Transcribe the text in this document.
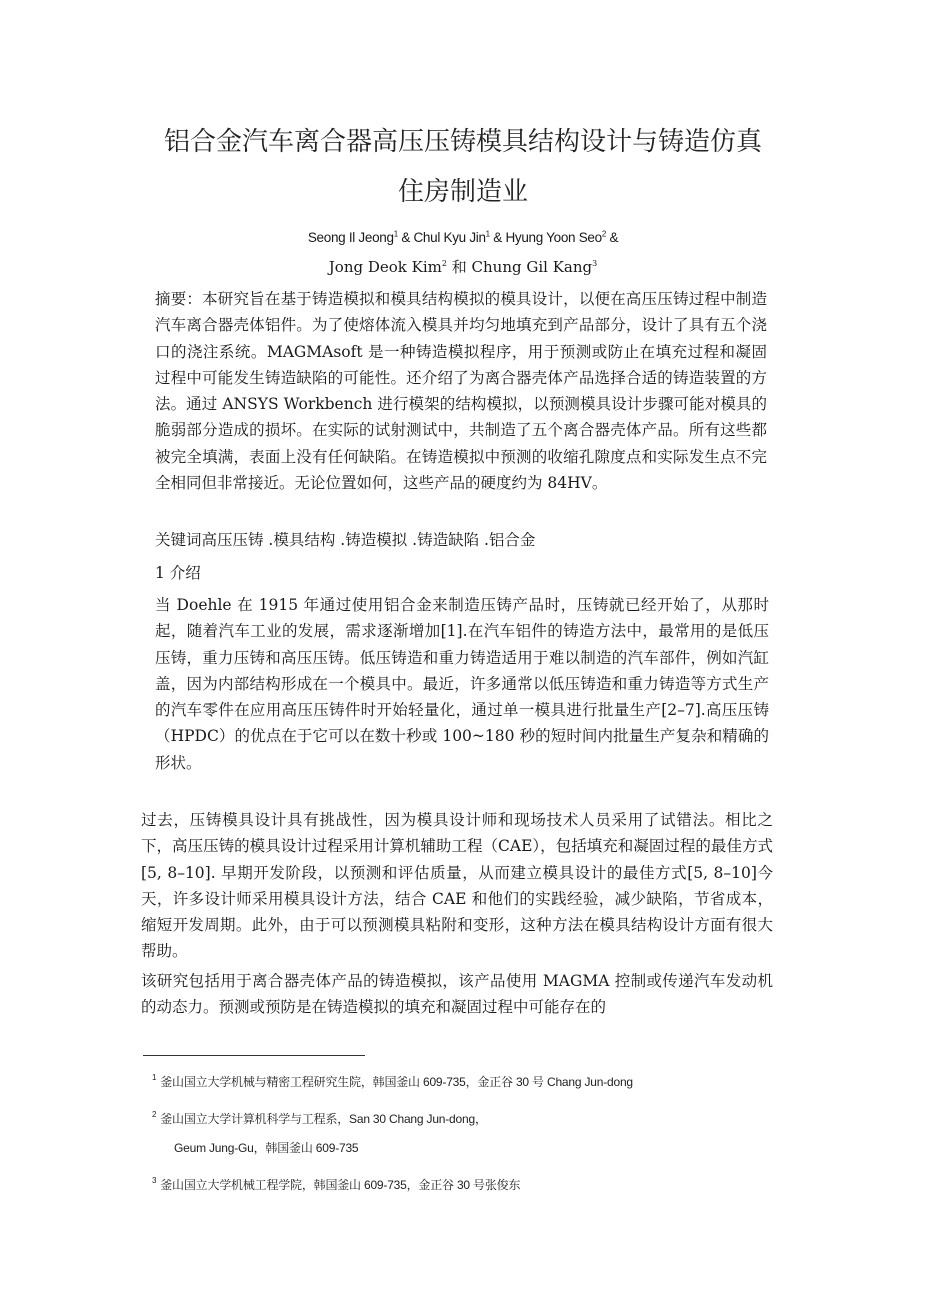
铝合金汽车离合器高压压铸模具结构设计与铸造仿真
住房制造业
Seong Il Jeong$^1$ & Chul Kyu Jin$^1$ & Hyung Yoon Seo$^2$ &
Jong Deok Kim$^2$ 和 Chung Gil Kang$^3$

摘要：本研究旨在基于铸造模拟和模具结构模拟的模具设计，以便在高压压铸过程中制造汽车离合器壳体铝件。为了使熔体流入模具并均匀地填充到产品部分，设计了具有五个浇口的浇注系统。MAGMAsoft 是一种铸造模拟程序，用于预测或防止在填充过程和凝固过程中可能发生铸造缺陷的可能性。还介绍了为离合器壳体产品选择合适的铸造装置的方法。通过 ANSYS Workbench 进行模架的结构模拟，以预测模具设计步骤可能对模具的脆弱部分造成的损坏。在实际的试射测试中，共制造了五个离合器壳体产品。所有这些都被完全填满，表面上没有任何缺陷。在铸造模拟中预测的收缩孔隙度点和实际发生点不完全相同但非常接近。无论位置如何，这些产品的硬度约为 84HV。

关键词高压压铸 .模具结构 .铸造模拟 .铸造缺陷 .铝合金
1 介绍

当 Doehle 在 1915 年通过使用铝合金来制造压铸产品时，压铸就已经开始了，从那时起，随着汽车工业的发展，需求逐渐增加[1].在汽车铝件的铸造方法中，最常用的是低压压铸，重力压铸和高压压铸。低压铸造和重力铸造适用于难以制造的汽车部件，例如汽缸盖，因为内部结构形成在一个模具中。最近，许多通常以低压铸造和重力铸造等方式生产的汽车零件在应用高压压铸件时开始轻量化，通过单一模具进行批量生产[2–7].高压压铸（HPDC）的优点在于它可以在数十秒或 100~180 秒的短时间内批量生产复杂和精确的形状。

过去，压铸模具设计具有挑战性，因为模具设计师和现场技术人员采用了试错法。相比之下，高压压铸的模具设计过程采用计算机辅助工程（CAE），包括填充和凝固过程的最佳方式[5, 8–10]. 早期开发阶段，以预测和评估质量，从而建立模具设计的最佳方式[5, 8–10]今天，许多设计师采用模具设计方法，结合 CAE 和他们的实践经验，减少缺陷，节省成本，缩短开发周期。此外，由于可以预测模具粘附和变形，这种方法在模具结构设计方面有很大帮助。

该研究包括用于离合器壳体产品的铸造模拟，该产品使用 MAGMA 控制或传递汽车发动机的动态力。预测或预防是在铸造模拟的填充和凝固过程中可能存在的

$^1$ 釜山国立大学机械与精密工程研究生院，韩国釜山 609-735，金正谷 30 号 Chang Jun-dong
$^2$ 釜山国立大学计算机科学与工程系，San 30 Chang Jun-dong，
Geum Jung-Gu，韩国釜山 609-735
$^3$ 釜山国立大学机械工程学院，韩国釜山 609-735，金正谷 30 号张俊东
